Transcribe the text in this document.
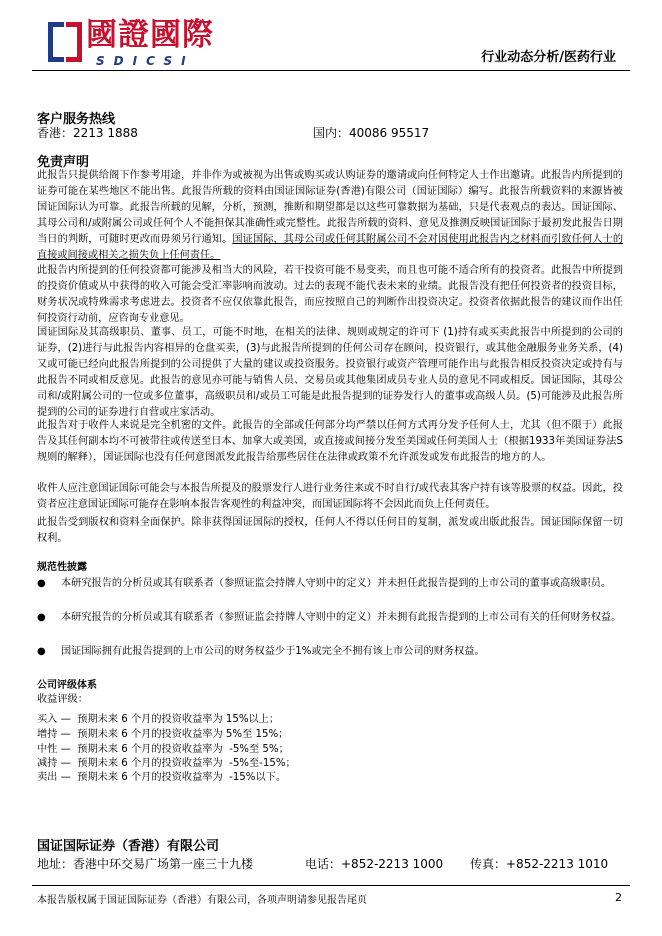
國證國際
SDICSI	行业动态分析/医药行业
客户服务热线
香港：2213 1888	国内：40086 95517
免责声明
此报告只提供给阁下作参考用途，并非作为或被视为出售或购买或认购证券的邀请或向任何特定人士作出邀请。此报告内所提到的证券可能在某些地区不能出售。此报告所载的资料由国证国际证券(香港)有限公司（国证国际）编写。此报告所载资料的来源皆被国证国际认为可靠。此报告所载的见解，分析，预测，推断和期望都是以这些可靠数据为基础，只是代表观点的表达。国证国际、其母公司和/或附属公司或任何个人不能担保其准确性或完整性。此报告所载的资料、意见及推测反映国证国际于最初发此报告日期当日的判断，可随时更改而毋须另行通知。国证国际，其母公司或任何其附属公司不会对因使用此报告内之材料而引致任何人士的直接或间接或相关之损失负上任何责任。
此报告内所提到的任何投资都可能涉及相当大的风险，若干投资可能不易变卖，而且也可能不适合所有的投资者。此报告中所提到的投资价值或从中获得的收入可能会受汇率影响而波动。过去的表现不能代表未来的业绩。此报告没有把任何投资者的投资目标，财务状况或特殊需求考虑进去。投资者不应仅依靠此报告，而应按照自己的判断作出投资决定。投资者依据此报告的建议而作出任何投资行动前，应咨询专业意见。
国证国际及其高级职员、董事、员工，可能不时地，在相关的法律、规则或规定的许可下 (1)持有或买卖此报告中所提到的公司的证券，(2)进行与此报告内容相异的仓盘买卖，(3)与此报告所提到的任何公司存在顾问，投资银行，或其他金融服务业务关系，(4)又或可能已经向此报告所提到的公司提供了大量的建议或投资服务。投资银行或资产管理可能作出与此报告相反投资决定或持有与此报告不同或相反意见。此报告的意见亦可能与销售人员、交易员或其他集团成员专业人员的意见不同或相反。国证国际，其母公司和/或附属公司的一位或多位董事，高级职员和/或员工可能是此报告提到的证券发行人的董事或高级人员。(5)可能涉及此报告所提到的公司的证券进行自营或庄家活动。
此报告对于收件人来说是完全机密的文件。此报告的全部或任何部分均严禁以任何方式再分发予任何人士，尤其（但不限于）此报告及其任何副本均不可被带往或传送至日本、加拿大或美国，或直接或间接分发至美国或任何美国人士（根据1933年美国证券法S规则的解释），国证国际也没有任何意图派发此报告给那些居住在法律或政策不允许派发或发布此报告的地方的人。
收件人应注意国证国际可能会与本报告所提及的股票发行人进行业务往来或不时自行/或代表其客户持有该等股票的权益。因此，投资者应注意国证国际可能存在影响本报告客观性的利益冲突，而国证国际将不会因此而负上任何责任。
此报告受到版权和资料全面保护。除非获得国证国际的授权，任何人不得以任何目的复制，派发或出版此报告。国证国际保留一切权利。
规范性披露
● 本研究报告的分析员或其有联系者（参照证监会持牌人守则中的定义）并未担任此报告提到的上市公司的董事或高级职员。
● 本研究报告的分析员或其有联系者（参照证监会持牌人守则中的定义）并未拥有此报告提到的上市公司有关的任何财务权益。
● 国证国际拥有此报告提到的上市公司的财务权益少于1%或完全不拥有该上市公司的财务权益。
公司评级体系
收益评级：
买入 —  预期未来 6 个月的投资收益率为 15%以上；
增持 —  预期未来 6 个月的投资收益率为 5%至 15%；
中性 —  预期未来 6 个月的投资收益率为  -5%至 5%；
减持 —  预期未来 6 个月的投资收益率为  -5%至-15%；
卖出 —  预期未来 6 个月的投资收益率为  -15%以下。
国证国际证券（香港）有限公司
地址：香港中环交易广场第一座三十九楼	电话：+852-2213 1000 传真：+852-2213 1010
本报告版权属于国证国际证券（香港）有限公司，各项声明请参见报告尾页	2
